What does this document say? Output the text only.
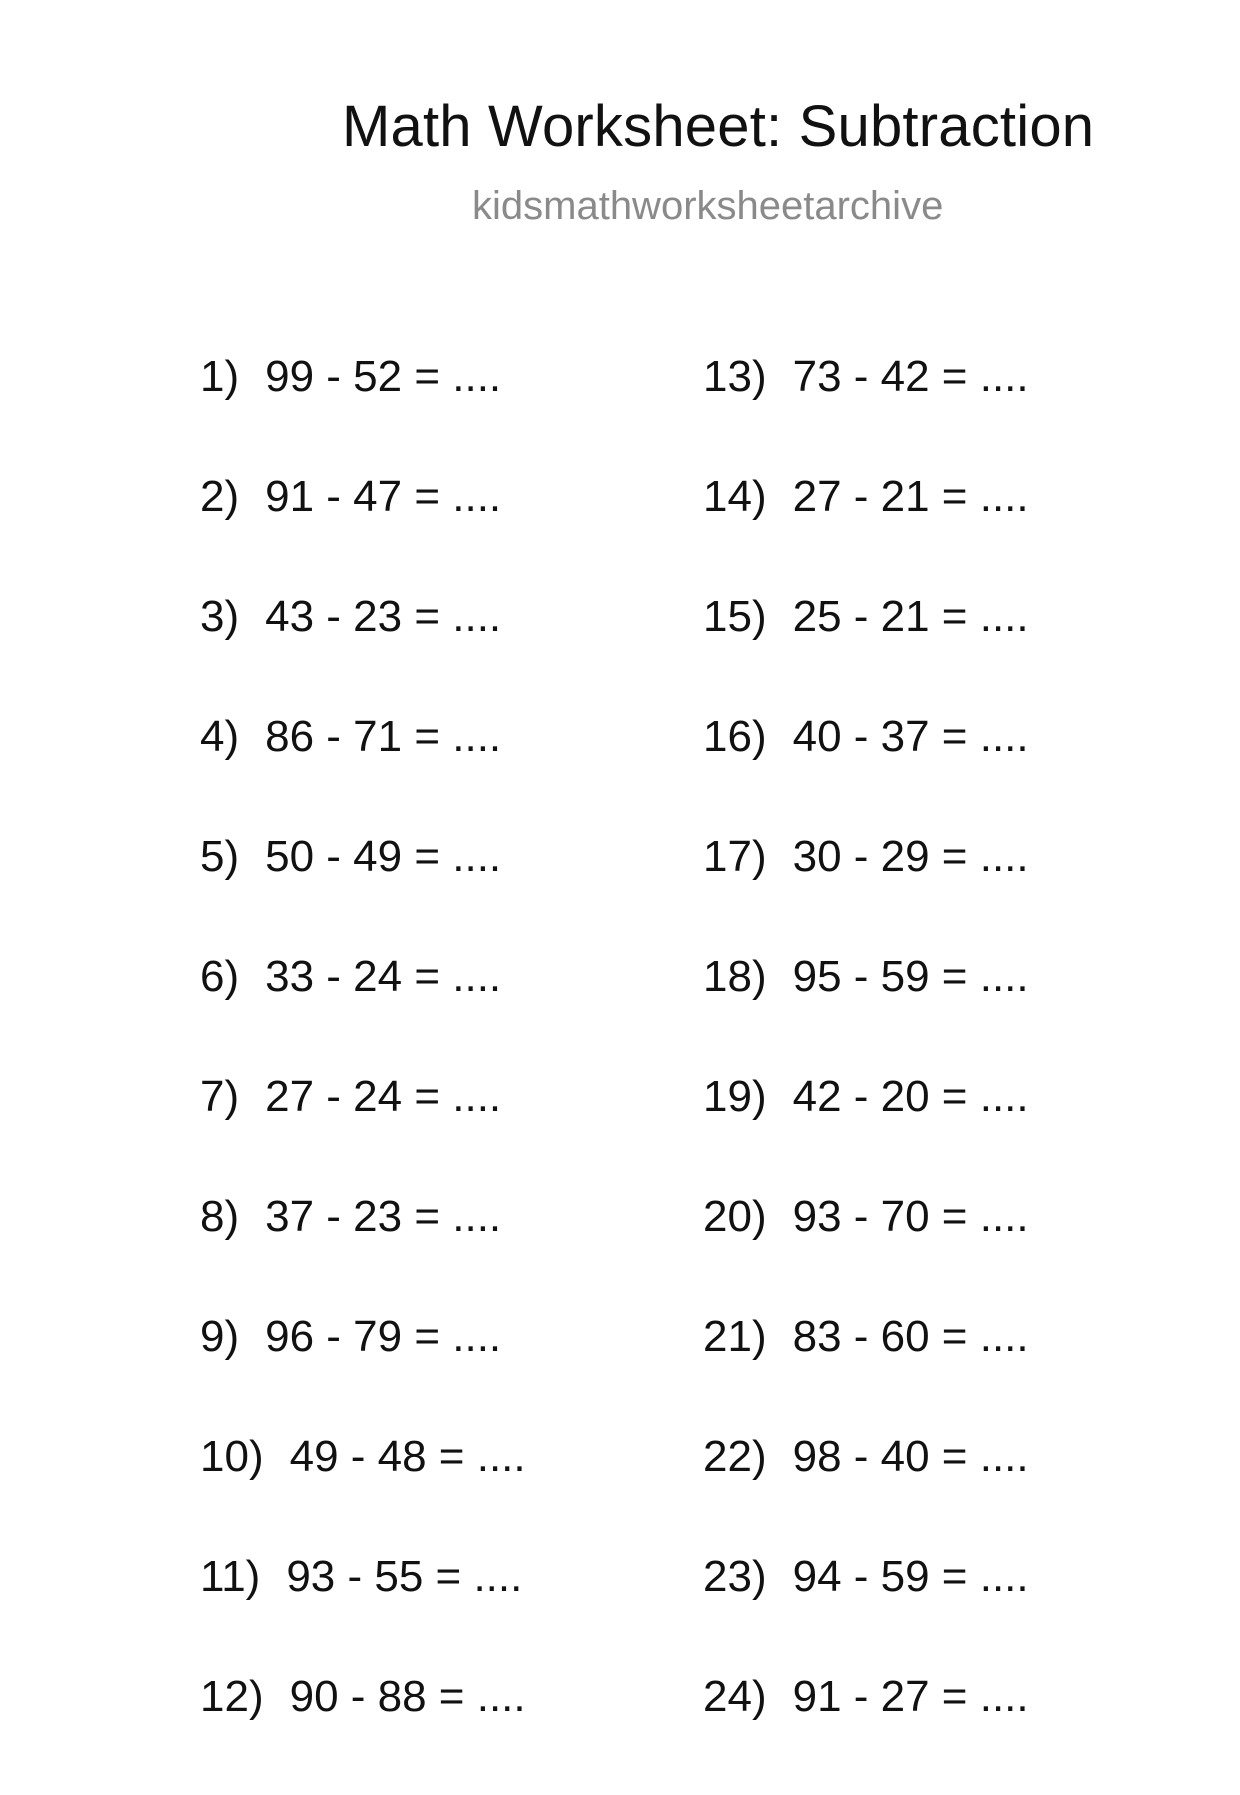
Math Worksheet: Subtraction
kidsmathworksheetarchive
1) 99 - 52 = ....
2) 91 - 47 = ....
3) 43 - 23 = ....
4) 86 - 71 = ....
5) 50 - 49 = ....
6) 33 - 24 = ....
7) 27 - 24 = ....
8) 37 - 23 = ....
9) 96 - 79 = ....
10) 49 - 48 = ....
11) 93 - 55 = ....
12) 90 - 88 = ....
13) 73 - 42 = ....
14) 27 - 21 = ....
15) 25 - 21 = ....
16) 40 - 37 = ....
17) 30 - 29 = ....
18) 95 - 59 = ....
19) 42 - 20 = ....
20) 93 - 70 = ....
21) 83 - 60 = ....
22) 98 - 40 = ....
23) 94 - 59 = ....
24) 91 - 27 = ....
